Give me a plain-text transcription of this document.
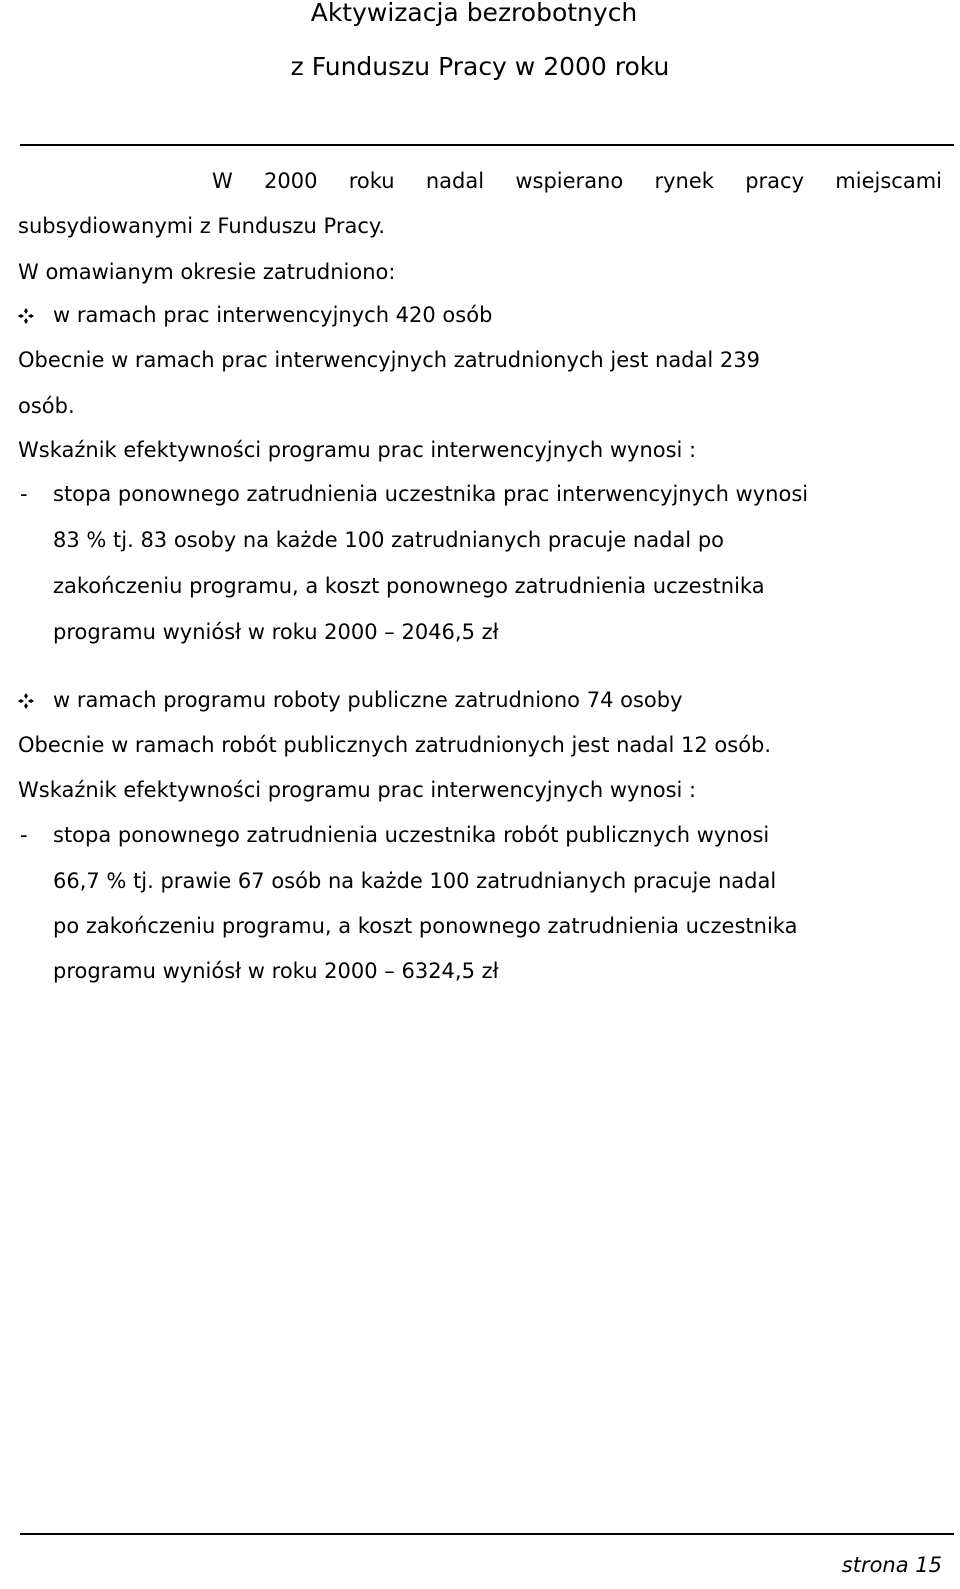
Aktywizacja bezrobotnych
z Funduszu Pracy w 2000 roku
W 2000 roku nadal wspierano rynek pracy miejscami
subsydiowanymi z Funduszu Pracy.
W omawianym okresie zatrudniono:
w ramach prac interwencyjnych 420 osób
Obecnie w ramach prac interwencyjnych zatrudnionych jest nadal 239
osób.
Wskaźnik efektywności programu prac interwencyjnych wynosi :
- stopa ponownego zatrudnienia uczestnika prac interwencyjnych wynosi
83 % tj. 83 osoby na każde 100 zatrudnianych pracuje nadal po
zakończeniu programu, a koszt ponownego zatrudnienia uczestnika
programu wyniósł w roku 2000 – 2046,5 zł
w ramach programu roboty publiczne zatrudniono 74 osoby
Obecnie w ramach robót publicznych zatrudnionych jest nadal 12 osób.
Wskaźnik efektywności programu prac interwencyjnych wynosi :
- stopa ponownego zatrudnienia uczestnika robót publicznych wynosi
66,7 % tj. prawie 67 osób na każde 100 zatrudnianych pracuje nadal
po zakończeniu programu, a koszt ponownego zatrudnienia uczestnika
programu wyniósł w roku 2000 – 6324,5 zł
strona 15
